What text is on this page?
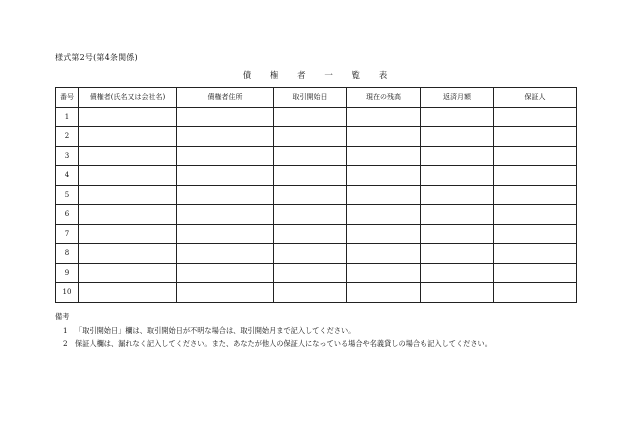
様式第2号(第4条関係)
債 権 者 一 覧 表
番号	債権者(氏名又は会社名)	債権者住所	取引開始日	現在の残高	返済月額	保証人
1						
2						
3						
4						
5						
6						
7						
8						
9						
10						
備考
1 「取引開始日」欄は、取引開始日が不明な場合は、取引開始月まで記入してください。
2 保証人欄は、漏れなく記入してください。また、あなたが他人の保証人になっている場合や名義貸しの場合も記入してください。
